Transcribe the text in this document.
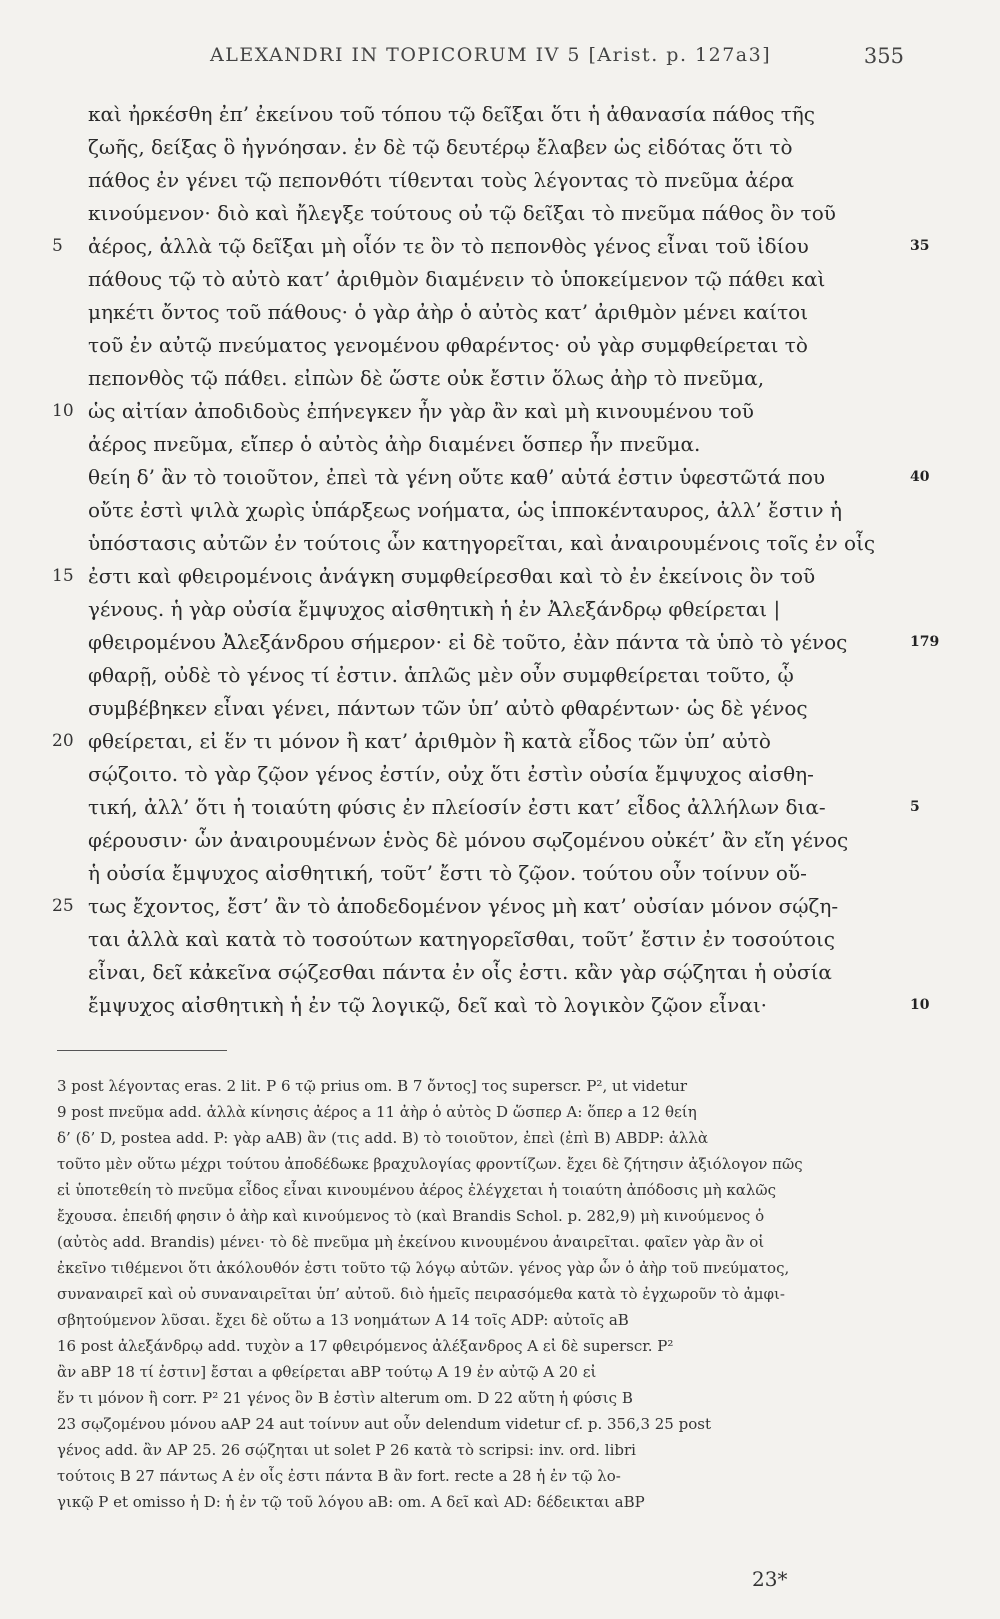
ALEXANDRI IN TOPICORUM IV 5 [Arist. p. 127a3]	355
καὶ ἠρκέσθη ἐπ’ ἐκείνου τοῦ τόπου τῷ δεῖξαι ὅτι ἡ ἀθανασία πάθος τῆς
ζωῆς, δείξας ὃ ἠγνόησαν. ἐν δὲ τῷ δευτέρῳ ἔλαβεν ὡς εἰδότας ὅτι τὸ
πάθος ἐν γένει τῷ πεπονθότι τίθενται τοὺς λέγοντας τὸ πνεῦμα ἀέρα
κινούμενον· διὸ καὶ ἤλεγξε τούτους οὐ τῷ δεῖξαι τὸ πνεῦμα πάθος ὂν τοῦ
ἀέρος, ἀλλὰ τῷ δεῖξαι μὴ οἷόν τε ὂν τὸ πεπονθὸς γένος εἶναι τοῦ ἰδίου
πάθους τῷ τὸ αὐτὸ κατ’ ἀριθμὸν διαμένειν τὸ ὑποκείμενον τῷ πάθει καὶ
μηκέτι ὄντος τοῦ πάθους· ὁ γὰρ ἀὴρ ὁ αὐτὸς κατ’ ἀριθμὸν μένει καίτοι
τοῦ ἐν αὐτῷ πνεύματος γενομένου φθαρέντος· οὐ γὰρ συμφθείρεται τὸ
πεπονθὸς τῷ πάθει. εἰπὼν δὲ ὥστε οὐκ ἔστιν ὅλως ἀὴρ τὸ πνεῦμα,
ὡς αἰτίαν ἀποδιδοὺς ἐπήνεγκεν ἦν γὰρ ἂν καὶ μὴ κινουμένου τοῦ
ἀέρος πνεῦμα, εἴπερ ὁ αὐτὸς ἀὴρ διαμένει ὅσπερ ἦν πνεῦμα.
θείη δ’ ἂν τὸ τοιοῦτον, ἐπεὶ τὰ γένη οὔτε καθ’ αὑτά ἐστιν ὑφεστῶτά που
οὔτε ἐστὶ ψιλὰ χωρὶς ὑπάρξεως νοήματα, ὡς ἱπποκένταυρος, ἀλλ’ ἔστιν ἡ
ὑπόστασις αὐτῶν ἐν τούτοις ὧν κατηγορεῖται, καὶ ἀναιρουμένοις τοῖς ἐν οἷς
ἐστι καὶ φθειρομένοις ἀνάγκη συμφθείρεσθαι καὶ τὸ ἐν ἐκείνοις ὂν τοῦ
γένους. ἡ γὰρ οὐσία ἔμψυχος αἰσθητικὴ ἡ ἐν Ἀλεξάνδρῳ φθείρεται |
φθειρομένου Ἀλεξάνδρου σήμερον· εἰ δὲ τοῦτο, ἐὰν πάντα τὰ ὑπὸ τὸ γένος
φθαρῇ, οὐδὲ τὸ γένος τί ἐστιν. ἁπλῶς μὲν οὖν συμφθείρεται τοῦτο, ᾧ
συμβέβηκεν εἶναι γένει, πάντων τῶν ὑπ’ αὐτὸ φθαρέντων· ὡς δὲ γένος
φθείρεται, εἰ ἕν τι μόνον ἢ κατ’ ἀριθμὸν ἢ κατὰ εἶδος τῶν ὑπ’ αὐτὸ
σῴζοιτο. τὸ γὰρ ζῷον γένος ἐστίν, οὐχ ὅτι ἐστὶν οὐσία ἔμψυχος αἰσθη-
τική, ἀλλ’ ὅτι ἡ τοιαύτη φύσις ἐν πλείοσίν ἐστι κατ’ εἶδος ἀλλήλων δια-
φέρουσιν· ὧν ἀναιρουμένων ἑνὸς δὲ μόνου σῳζομένου οὐκέτ’ ἂν εἴη γένος
ἡ οὐσία ἔμψυχος αἰσθητική, τοῦτ’ ἔστι τὸ ζῷον. τούτου οὖν τοίνυν οὕ-
τως ἔχοντος, ἔστ’ ἂν τὸ ἀποδεδομένον γένος μὴ κατ’ οὐσίαν μόνον σῴζη-
ται ἀλλὰ καὶ κατὰ τὸ τοσούτων κατηγορεῖσθαι, τοῦτ’ ἔστιν ἐν τοσούτοις
εἶναι, δεῖ κἀκεῖνα σῴζεσθαι πάντα ἐν οἷς ἐστι. κἂν γὰρ σῴζηται ἡ οὐσία
ἔμψυχος αἰσθητικὴ ἡ ἐν τῷ λογικῷ, δεῖ καὶ τὸ λογικὸν ζῷον εἶναι·
5
10
15
20
25
35
40
179
5
10
3 post λέγοντας eras. 2 lit. P 6 τῷ prius om. B 7 ὄντος] τος superscr. P², ut videtur
9 post πνεῦμα add. ἀλλὰ κίνησις ἀέρος a 11 ἀὴρ ὁ αὐτὸς D ὥσπερ A: ὅπερ a 12 θείη
δ’ (δ’ D, postea add. P: γὰρ aAB) ἂν (τις add. B) τὸ τοιοῦτον, ἐπεὶ (ἐπὶ B) ABDP: ἀλλὰ
τοῦτο μὲν οὕτω μέχρι τούτου ἀποδέδωκε βραχυλογίας φροντίζων. ἔχει δὲ ζήτησιν ἀξιόλογον πῶς
εἰ ὑποτεθείη τὸ πνεῦμα εἶδος εἶναι κινουμένου ἀέρος ἐλέγχεται ἡ τοιαύτη ἀπόδοσις μὴ καλῶς
ἔχουσα. ἐπειδή φησιν ὁ ἀὴρ καὶ κινούμενος τὸ (καὶ Brandis Schol. p. 282,9) μὴ κινούμενος ὁ
(αὐτὸς add. Brandis) μένει· τὸ δὲ πνεῦμα μὴ ἐκείνου κινουμένου ἀναιρεῖται. φαῖεν γὰρ ἂν οἱ
ἐκεῖνο τιθέμενοι ὅτι ἀκόλουθόν ἐστι τοῦτο τῷ λόγῳ αὐτῶν. γένος γὰρ ὧν ὁ ἀὴρ τοῦ πνεύματος,
συναναιρεῖ καὶ οὐ συναναιρεῖται ὑπ’ αὐτοῦ. διὸ ἡμεῖς πειρασόμεθα κατὰ τὸ ἐγχωροῦν τὸ ἀμφι-
σβητούμενον λῦσαι. ἔχει δὲ οὕτω a 13 νοημάτων A 14 τοῖς ADP: αὐτοῖς aB
16 post ἀλεξάνδρῳ add. τυχὸν a 17 φθειρόμενος ἀλέξανδρος A εἰ δὲ superscr. P²
ἂν aBP 18 τί ἐστιν] ἔσται a φθείρεται aBP τούτῳ A 19 ἐν αὐτῷ A 20 εἰ
ἕν τι μόνον ἢ corr. P² 21 γένος ὂν B ἐστὶν alterum om. D 22 αὕτη ἡ φύσις B
23 σῳζομένου μόνου aAP 24 aut τοίνυν aut οὖν delendum videtur cf. p. 356,3 25 post
γένος add. ἂν AP 25. 26 σῴζηται ut solet P 26 κατὰ τὸ scripsi: inv. ord. libri
τούτοις B 27 πάντως A ἐν οἷς ἐστι πάντα B ἂν fort. recte a 28 ἡ ἐν τῷ λο-
γικῷ P et omisso ἡ D: ἡ ἐν τῷ τοῦ λόγου aB: om. A δεῖ καὶ AD: δέδεικται aBP
23*
